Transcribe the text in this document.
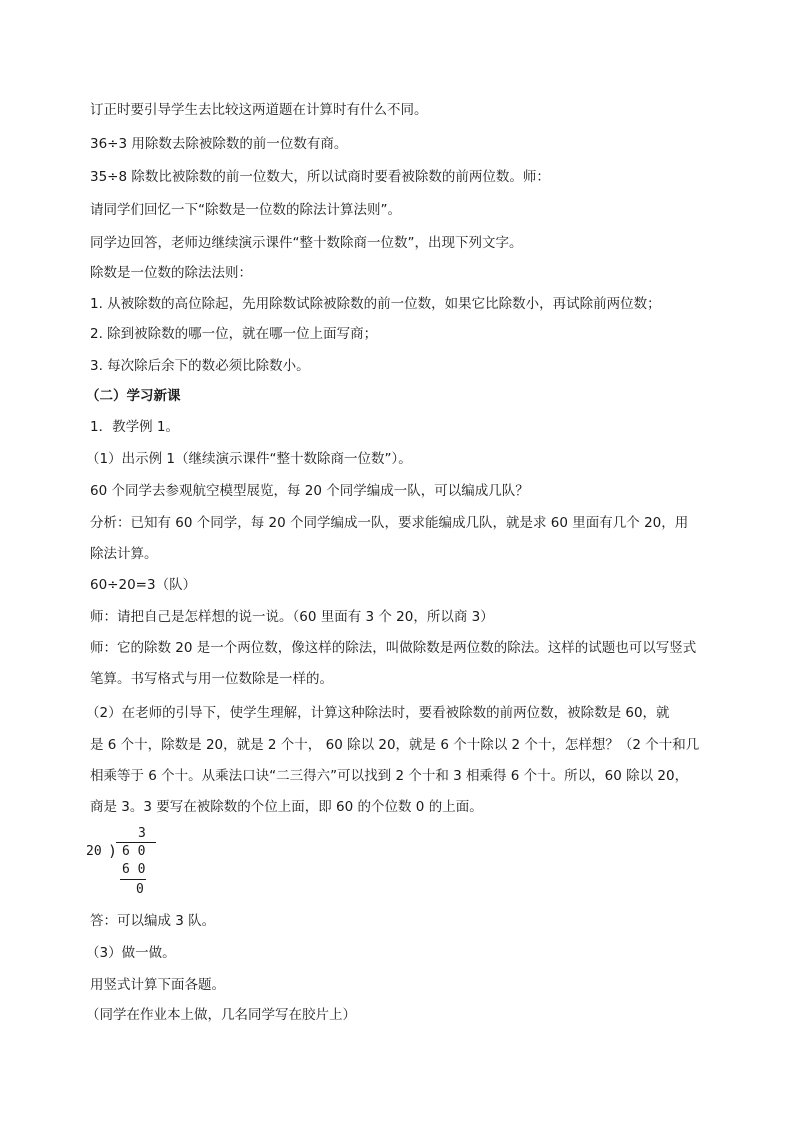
订正时要引导学生去比较这两道题在计算时有什么不同。
36÷3 用除数去除被除数的前一位数有商。
35÷8 除数比被除数的前一位数大，所以试商时要看被除数的前两位数。师：
请同学们回忆一下“除数是一位数的除法计算法则”。
同学边回答，老师边继续演示课件“整十数除商一位数”，出现下列文字。
除数是一位数的除法法则：
1. 从被除数的高位除起，先用除数试除被除数的前一位数，如果它比除数小，再试除前两位数；
2. 除到被除数的哪一位，就在哪一位上面写商；
3. 每次除后余下的数必须比除数小。
（二）学习新课
1．教学例 1。
（1）出示例 1（继续演示课件“整十数除商一位数”）。
60 个同学去参观航空模型展览，每 20 个同学编成一队，可以编成几队？
分析：已知有 60 个同学，每 20 个同学编成一队，要求能编成几队，就是求 60 里面有几个 20，用
除法计算。
60÷20=3（队）
师：请把自己是怎样想的说一说。（60 里面有 3 个 20，所以商 3）
师：它的除数 20 是一个两位数，像这样的除法，叫做除数是两位数的除法。这样的试题也可以写竖式
笔算。书写格式与用一位数除是一样的。
（2）在老师的引导下，使学生理解，计算这种除法时，要看被除数的前两位数，被除数是 60，就
是 6 个十，除数是 20，就是 2 个十， 60 除以 20，就是 6 个十除以 2 个十，怎样想？（2 个十和几
相乘等于 6 个十。从乘法口诀“二三得六”可以找到 2 个十和 3 相乘得 6 个十。所以，60 除以 20，
商是 3。3 要写在被除数的个位上面，即 60 的个位数 0 的上面。
3
20 ) 6 0
6 0
0
答：可以编成 3 队。
（3）做一做。
用竖式计算下面各题。
（同学在作业本上做，几名同学写在胶片上）
